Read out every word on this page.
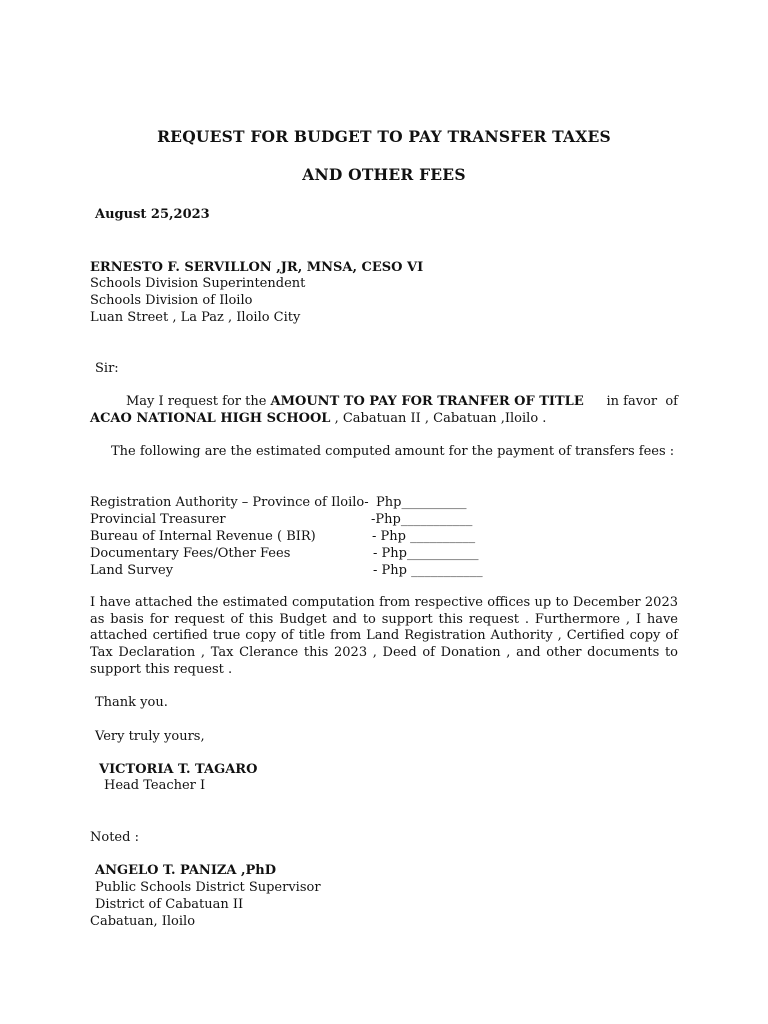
REQUEST FOR BUDGET TO PAY TRANSFER TAXES
AND OTHER FEES
August 25,2023
ERNESTO F. SERVILLON ,JR, MNSA, CESO VI
Schools Division Superintendent
Schools Division of Iloilo
Luan Street , La Paz , Iloilo City
Sir:
May I request for the AMOUNT TO PAY FOR TRANFER OF TITLE in favor  of
ACAO NATIONAL HIGH SCHOOL , Cabatuan II , Cabatuan ,Iloilo .
The following are the estimated computed amount for the payment of transfers fees :
Registration Authority – Province of Iloilo- Php__________
Provincial Treasurer	-Php___________
Bureau of Internal Revenue ( BIR)	- Php __________
Documentary Fees/Other Fees	- Php___________
Land Survey	- Php ___________
I have attached the estimated computation from respective offices up to December 2023 as basis for request of this Budget and to support this request . Furthermore , I have attached certified true copy of title from Land Registration Authority , Certified copy of Tax Declaration , Tax Clerance this 2023 , Deed of Donation , and other documents to support this request .
Thank you.
Very truly yours,
VICTORIA T. TAGARO
Head Teacher I
Noted :
ANGELO T. PANIZA ,PhD
Public Schools District Supervisor
District of Cabatuan II
Cabatuan, Iloilo
